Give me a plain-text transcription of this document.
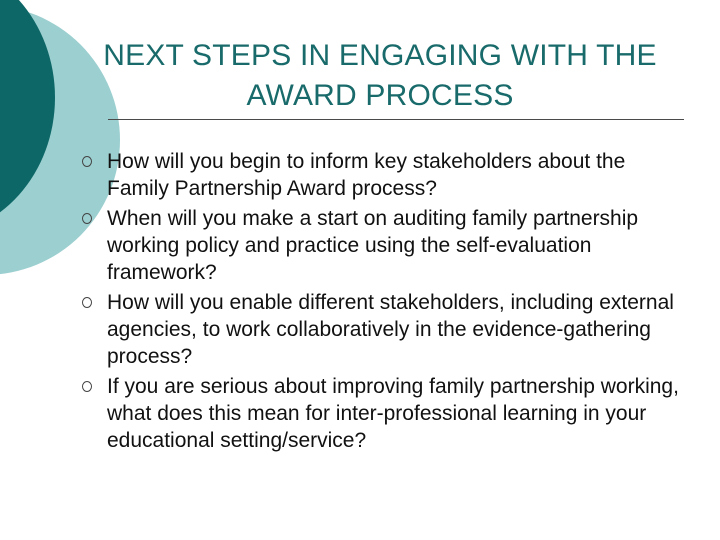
NEXT STEPS IN ENGAGING WITH THE
AWARD PROCESS
How will you begin to inform key stakeholders about the Family Partnership Award process?
When will you make a start on auditing family partnership working policy and practice using the self-evaluation framework?
How will you enable different stakeholders, including external agencies, to work collaboratively in the evidence-gathering process?
If you are serious about improving family partnership working, what does this mean for inter-professional learning in your educational setting/service?
